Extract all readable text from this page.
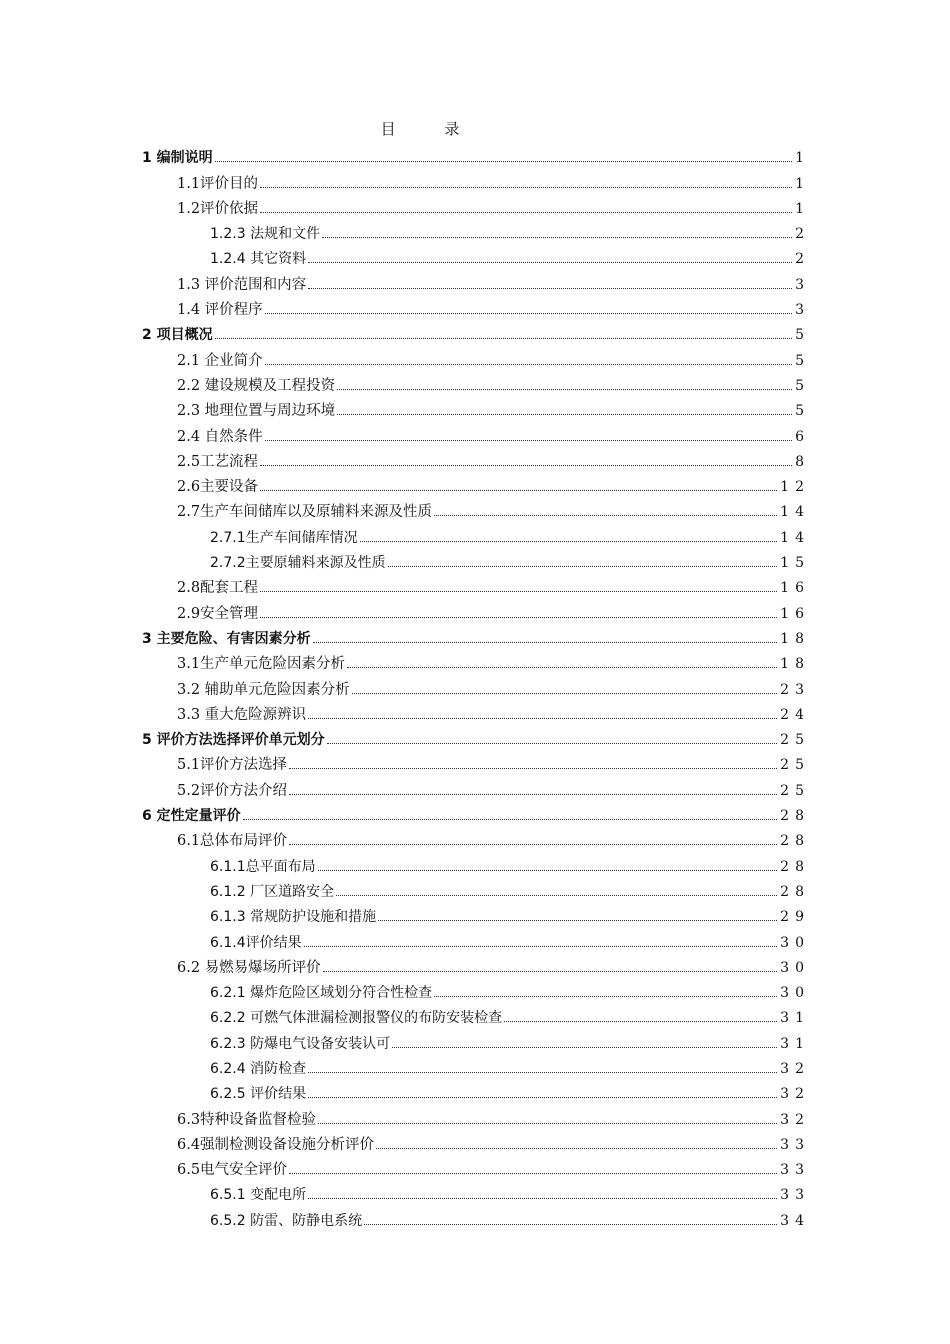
目 录
1 编制说明	1
1.1评价目的	1
1.2评价依据	1
1.2.3 法规和文件	2
1.2.4 其它资料	2
1.3 评价范围和内容	3
1.4 评价程序	3
2 项目概况	5
2.1 企业简介	5
2.2 建设规模及工程投资	5
2.3 地理位置与周边环境	5
2.4 自然条件	6
2.5工艺流程	8
2.6主要设备	12
2.7生产车间储库以及原辅料来源及性质	14
2.7.1生产车间储库情况	14
2.7.2主要原辅料来源及性质	15
2.8配套工程	16
2.9安全管理	16
3 主要危险、有害因素分析	18
3.1生产单元危险因素分析	18
3.2 辅助单元危险因素分析	23
3.3 重大危险源辨识	24
5 评价方法选择评价单元划分	25
5.1评价方法选择	25
5.2评价方法介绍	25
6 定性定量评价	28
6.1总体布局评价	28
6.1.1总平面布局	28
6.1.2 厂区道路安全	28
6.1.3 常规防护设施和措施	29
6.1.4评价结果	30
6.2 易燃易爆场所评价	30
6.2.1 爆炸危险区域划分符合性检查	30
6.2.2 可燃气体泄漏检测报警仪的布防安装检查	31
6.2.3 防爆电气设备安装认可	31
6.2.4 消防检查	32
6.2.5 评价结果	32
6.3特种设备监督检验	32
6.4强制检测设备设施分析评价	33
6.5电气安全评价	33
6.5.1 变配电所	33
6.5.2 防雷、防静电系统	34
